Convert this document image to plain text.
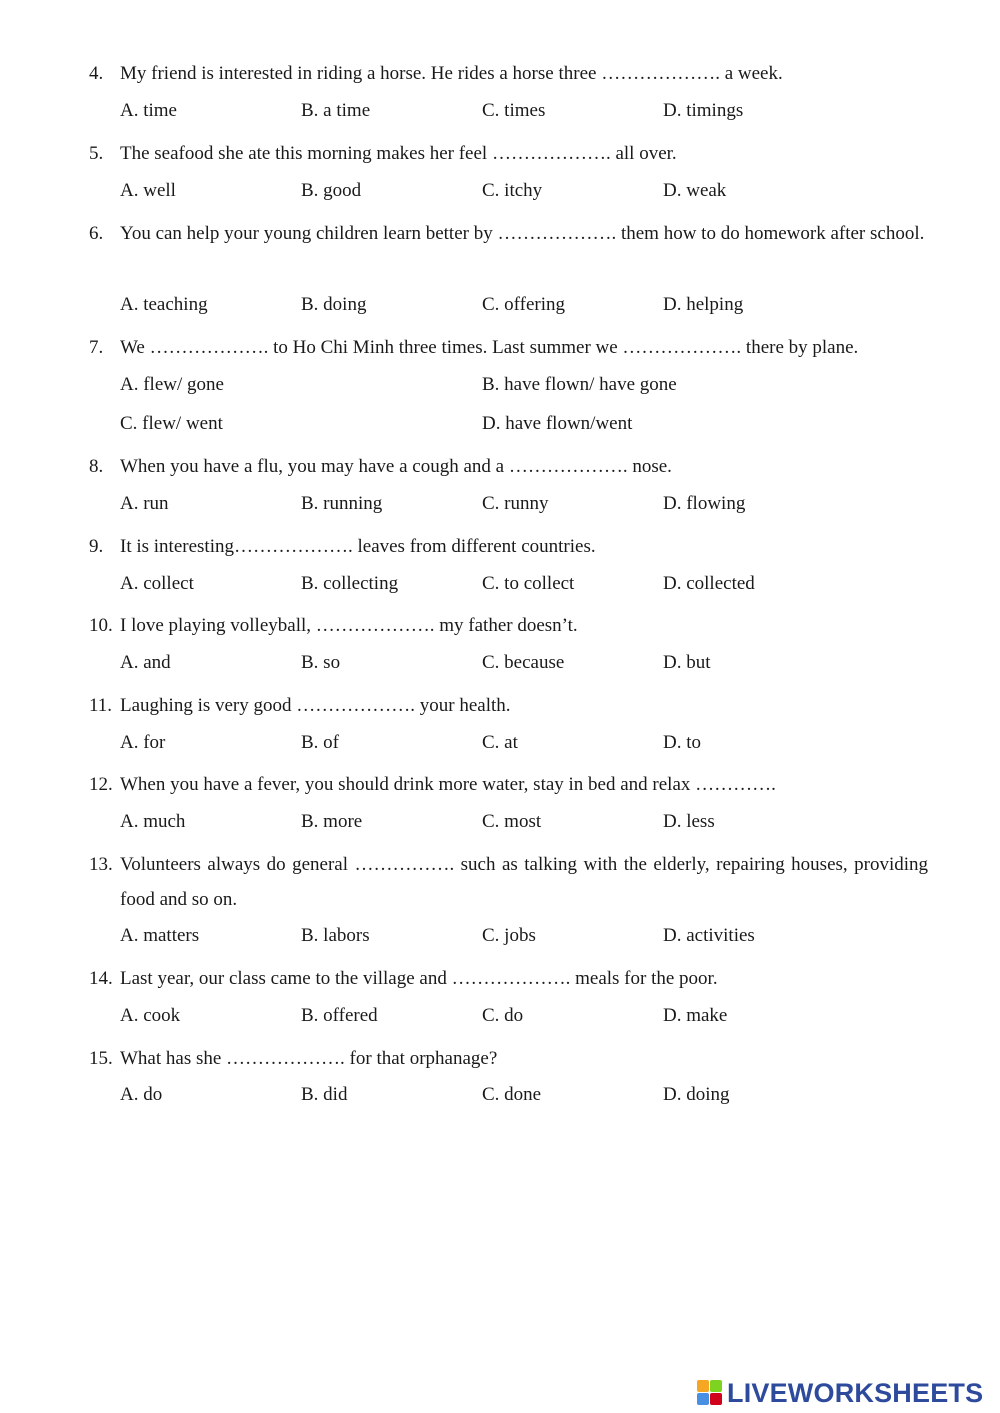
4. My friend is interested in riding a horse. He rides a horse three ………………. a week.
A. time	B. a time	C. times	D. timings
5. The seafood she ate this morning makes her feel ………………. all over.
A. well	B. good	C. itchy	D. weak
6. You can help your young children learn better by ………………. them how to do homework after school.
A. teaching	B. doing	C. offering	D. helping
7. We ………………. to Ho Chi Minh three times. Last summer we ………………. there by plane.
A. flew/ gone	B. have flown/ have gone
C. flew/ went	D. have flown/went
8. When you have a flu, you may have a cough and a ………………. nose.
A. run	B. running	C. runny	D. flowing
9. It is interesting………………. leaves from different countries.
A. collect	B. collecting	C. to collect	D. collected
10. I love playing volleyball, ………………. my father doesn’t.
A. and	B. so	C. because	D. but
11. Laughing is very good ………………. your health.
A. for	B. of	C. at	D. to
12. When you have a fever, you should drink more water, stay in bed and relax ………….
A. much	B. more	C. most	D. less
13. Volunteers always do general ……………. such as talking with the elderly, repairing houses, providing food and so on.
A. matters	B. labors	C. jobs	D. activities
14. Last year, our class came to the village and ………………. meals for the poor.
A. cook	B. offered	C. do	D. make
15. What has she ………………. for that orphanage?
A. do	B. did	C. done	D. doing
LIVEWORKSHEETS
